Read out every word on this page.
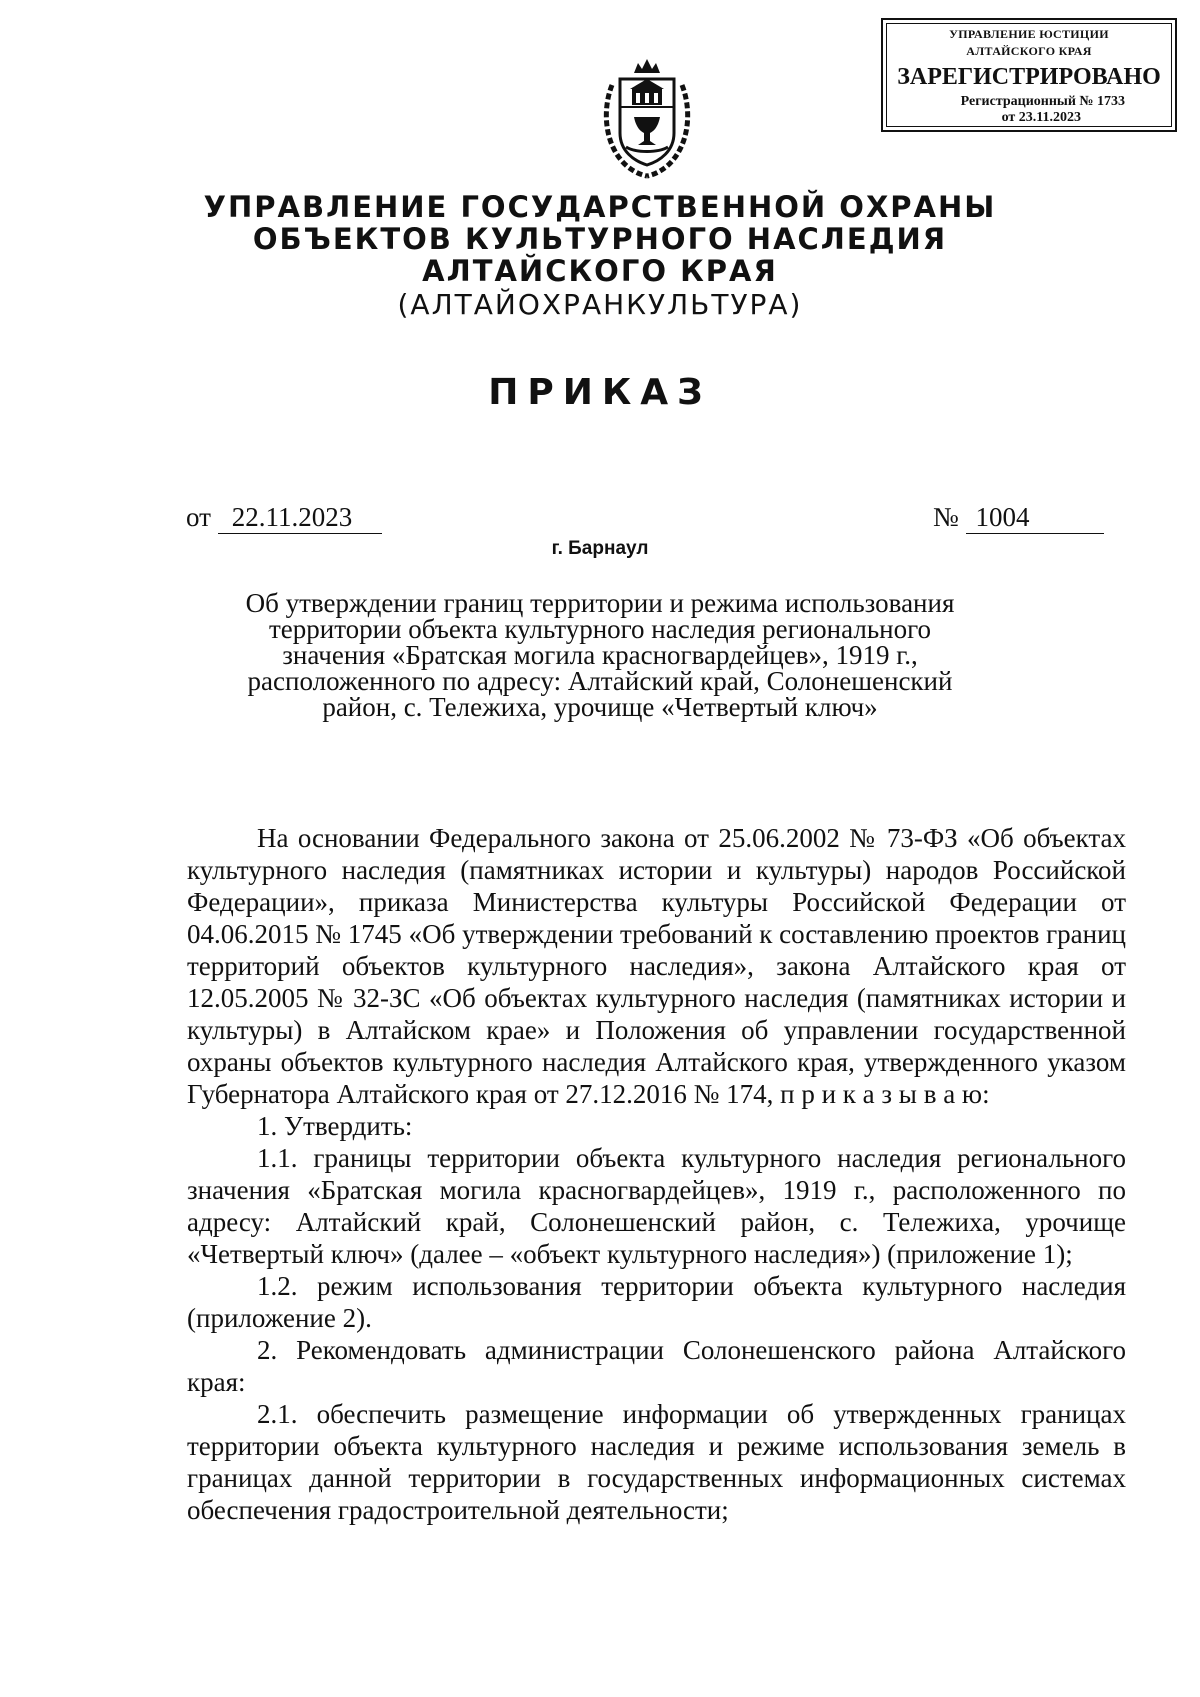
УПРАВЛЕНИЕ ЮСТИЦИИ
АЛТАЙСКОГО КРАЯ
ЗАРЕГИСТРИРОВАНО
Регистрационный № 1733
от 23.11.2023
УПРАВЛЕНИЕ ГОСУДАРСТВЕННОЙ ОХРАНЫ
ОБЪЕКТОВ КУЛЬТУРНОГО НАСЛЕДИЯ
АЛТАЙСКОГО КРАЯ
(АЛТАЙОХРАНКУЛЬТУРА)
ПРИКАЗ
от 22.11.2023	№ 1004
г. Барнаул
Об утверждении границ территории и режима использования
территории объекта культурного наследия регионального
значения «Братская могила красногвардейцев», 1919 г.,
расположенного по адресу: Алтайский край, Солонешенский
район, с. Тележиха, урочище «Четвертый ключ»

На основании Федерального закона от 25.06.2002 № 73-ФЗ «Об объектах культурного наследия (памятниках истории и культуры) народов Российской Федерации», приказа Министерства культуры Российской Федерации от 04.06.2015 № 1745 «Об утверждении требований к составлению проектов границ территорий объектов культурного наследия», закона Алтайского края от 12.05.2005 № 32-ЗС «Об объектах культурного наследия (памятниках истории и культуры) в Алтайском крае» и Положения об управлении государственной охраны объектов культурного наследия Алтайского края, утвержденного указом Губернатора Алтайского края от 27.12.2016 № 174, п р и к а з ы в а ю:

1. Утвердить:

1.1. границы территории объекта культурного наследия регионального значения «Братская могила красногвардейцев», 1919 г., расположенного по адресу: Алтайский край, Солонешенский район, с. Тележиха, урочище «Четвертый ключ» (далее – «объект культурного наследия») (приложение 1);

1.2. режим использования территории объекта культурного наследия (приложение 2).

2. Рекомендовать администрации Солонешенского района Алтайского края:

2.1. обеспечить размещение информации об утвержденных границах территории объекта культурного наследия и режиме использования земель в границах данной территории в государственных информационных системах обеспечения градостроительной деятельности;
